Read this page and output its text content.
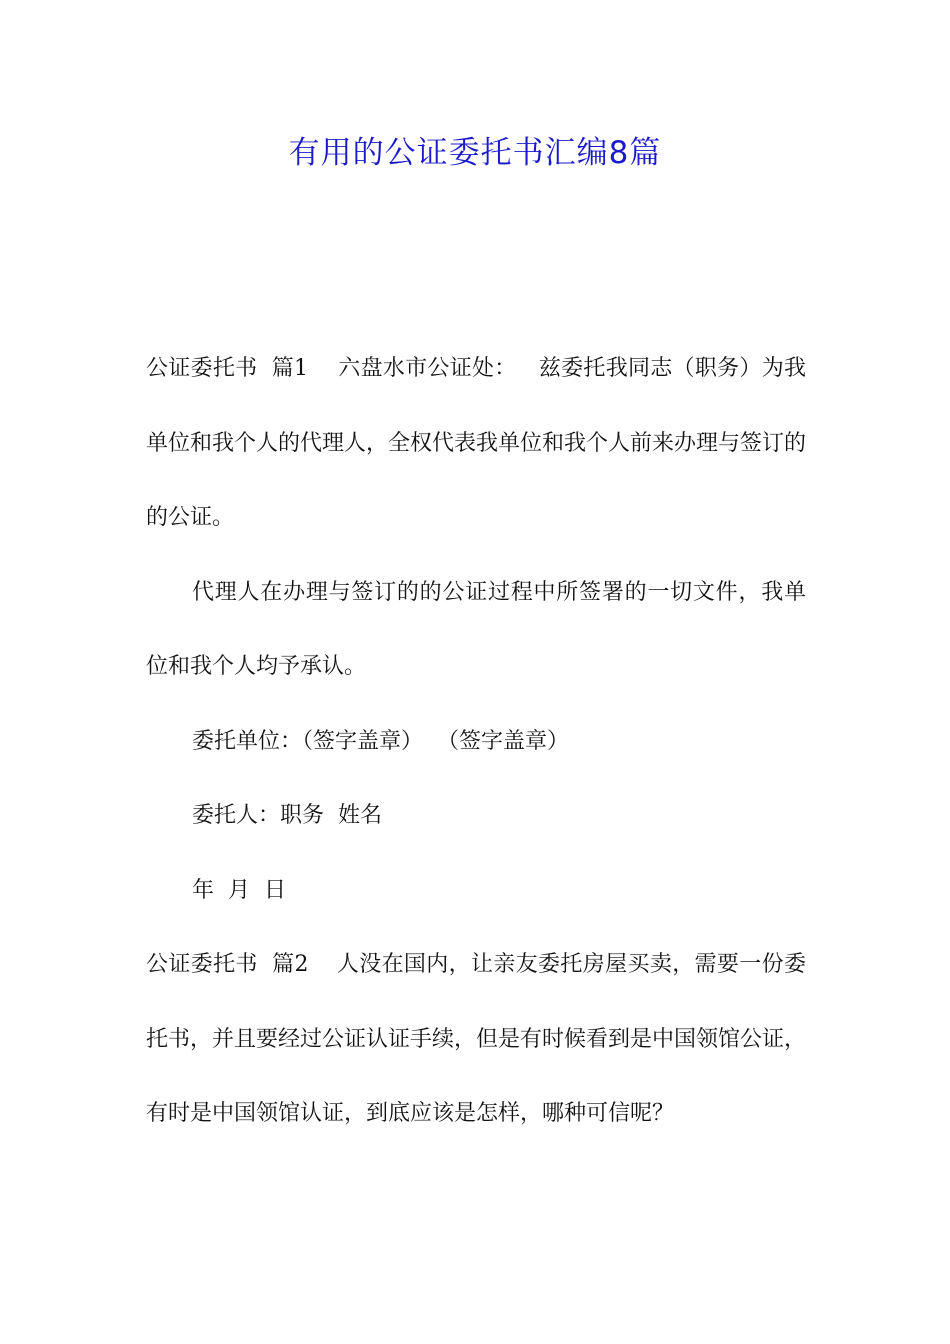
有用的公证委托书汇编8篇

公证委托书 篇1 六盘水市公证处： 兹委托我同志（职务）为我单位和我个人的代理人，全权代表我单位和我个人前来办理与签订的的公证。

代理人在办理与签订的的公证过程中所签署的一切文件，我单位和我个人均予承认。

委托单位：（签字盖章） （签字盖章）

委托人：职务 姓名

年 月 日

公证委托书 篇2 人没在国内，让亲友委托房屋买卖，需要一份委托书，并且要经过公证认证手续，但是有时候看到是中国领馆公证，有时是中国领馆认证，到底应该是怎样，哪种可信呢？
